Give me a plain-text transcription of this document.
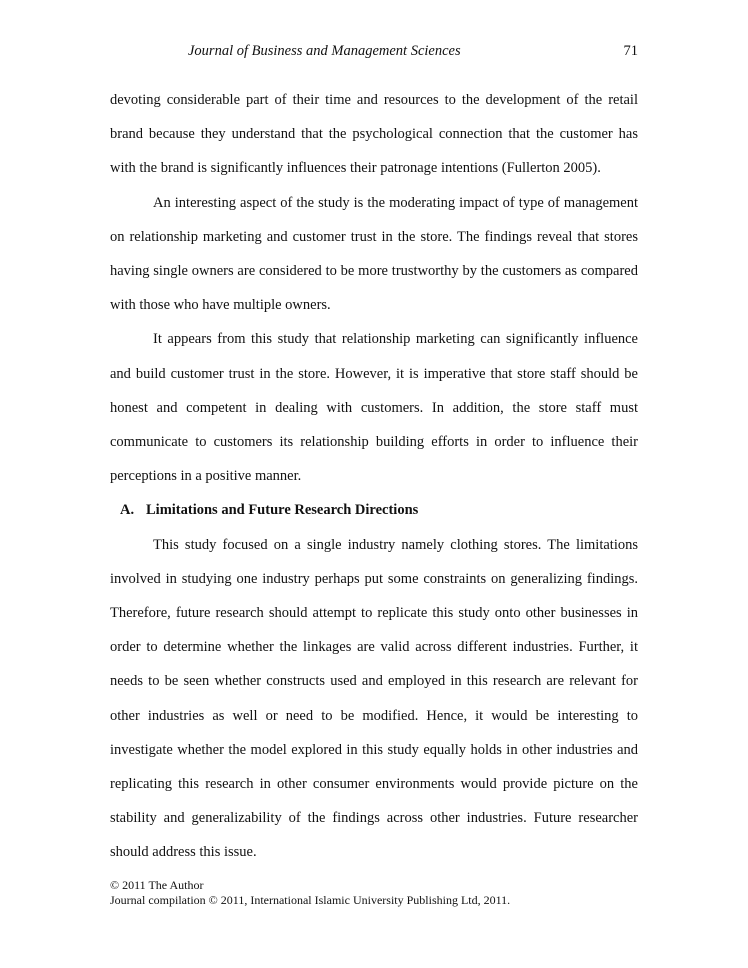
Journal of Business and Management Sciences	71

devoting considerable part of their time and resources to the development of the retail brand because they understand that the psychological connection that the customer has with the brand is significantly influences their patronage intentions (Fullerton 2005).

An interesting aspect of the study is the moderating impact of type of management on relationship marketing and customer trust in the store. The findings reveal that stores having single owners are considered to be more trustworthy by the customers as compared with those who have multiple owners.

It appears from this study that relationship marketing can significantly influence and build customer trust in the store. However, it is imperative that store staff should be honest and competent in dealing with customers. In addition, the store staff must communicate to customers its relationship building efforts in order to influence their perceptions in a positive manner.

A. Limitations and Future Research Directions

This study focused on a single industry namely clothing stores. The limitations involved in studying one industry perhaps put some constraints on generalizing findings. Therefore, future research should attempt to replicate this study onto other businesses in order to determine whether the linkages are valid across different industries. Further, it needs to be seen whether constructs used and employed in this research are relevant for other industries as well or need to be modified. Hence, it would be interesting to investigate whether the model explored in this study equally holds in other industries and replicating this research in other consumer environments would provide picture on the stability and generalizability of the findings across other industries. Future researcher should address this issue.

© 2011 The Author
Journal compilation © 2011, International Islamic University Publishing Ltd, 2011.
